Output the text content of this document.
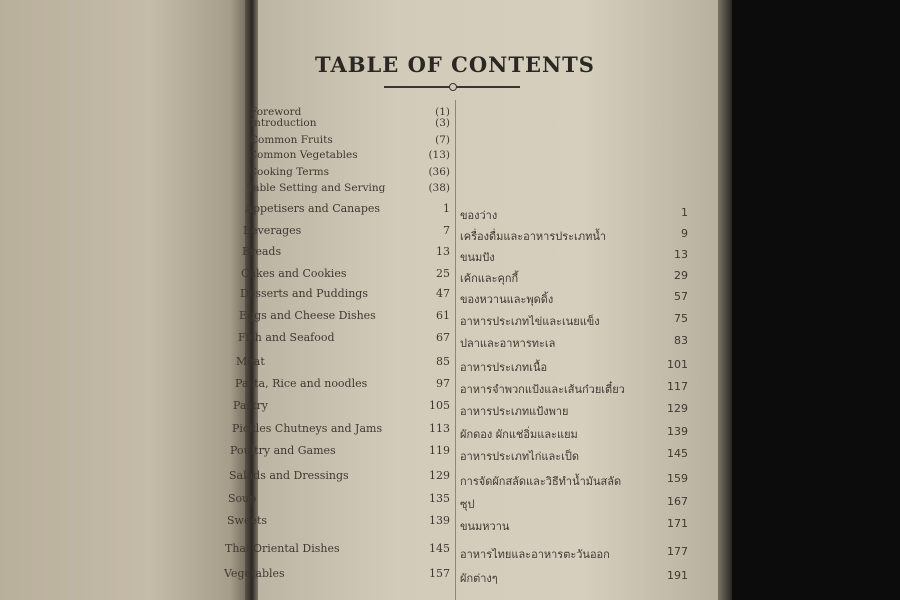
TABLE OF CONTENTS
Foreword	(1)
Introduction	(3)
Common Fruits	(7)
Common Vegetables	(13)
Cooking Terms	(36)
Table Setting and Serving	(38)
Appetisers and Canapes	1
Beverages	7
Breads	13
Cakes and Cookies	25
Desserts and Puddings	47
Eggs and Cheese Dishes	61
Fish and Seafood	67
Meat	85
Pasta, Rice and noodles	97
Pastry	105
Pickles Chutneys and Jams	113
Poultry and Games	119
Salads and Dressings	129
Soup	135
Sweets	139
Thai Oriental Dishes	145
Vegetables	157
ของว่าง	1
เครื่องดื่มและอาหารประเภทน้ำ	9
ขนมปัง	13
เค้กและคุกกี้	29
ของหวานและพุดดิ้ง	57
อาหารประเภทไข่และเนยแข็ง	75
ปลาและอาหารทะเล	83
อาหารประเภทเนื้อ	101
อาหารจำพวกแป้งและเส้นก๋วยเตี๋ยว	117
อาหารประเภทแป้งพาย	129
ผักดอง ผักแช่อิ่มและแยม	139
อาหารประเภทไก่และเป็ด	145
การจัดผักสลัดและวิธีทำน้ำมันสลัด	159
ซุป	167
ขนมหวาน	171
อาหารไทยและอาหารตะวันออก	177
ผักต่างๆ	191
